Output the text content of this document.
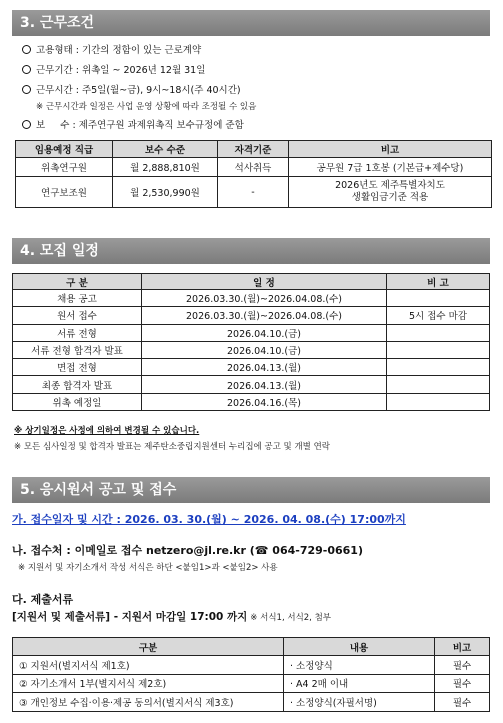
3. 근무조건
고용형태 : 기간의 정함이 있는 근로계약
근무기간 : 위촉일 ~ 2026년 12월 31일
근무시간 : 주5일(월~금), 9시~18시(주 40시간)
※ 근무시간과 일정은 사업 운영 상황에 따라 조정될 수 있음
보     수 : 제주연구원 과제위촉직 보수규정에 준함
임용예정 직급	보수 수준	자격기준	비고
위촉연구원	월 2,888,810원	석사취득	공무원 7급 1호봉 (기본급+제수당)
연구보조원	월 2,530,990원	-	2026년도 제주특별자치도
생활임금기준 적용
4. 모집 일정
구 분	일 정	비 고
채용 공고	2026.03.30.(월)~2026.04.08.(수)	
원서 접수	2026.03.30.(월)~2026.04.08.(수)	5시 접수 마감
서류 전형	2026.04.10.(금)	
서류 전형 합격자 발표	2026.04.10.(금)	
면접 전형	2026.04.13.(월)	
최종 합격자 발표	2026.04.13.(월)	
위촉 예정일	2026.04.16.(목)	
※ 상기일정은 사정에 의하여 변경될 수 있습니다.
※ 모든 심사일정 및 합격자 발표는 제주탄소중립지원센터 누리집에 공고 및 개별 연락
5. 응시원서 공고 및 접수
가. 접수일자 및 시간 : 2026. 03. 30.(월) ~ 2026. 04. 08.(수) 17:00까지
나. 접수처 : 이메일로 접수 netzero@jl.re.kr (☎ 064-729-0661)
※ 지원서 및 자기소개서 작성 서식은 하단 <붙임1>과 <붙임2> 사용
다. 제출서류
[지원서 및 제출서류] - 지원서 마감일 17:00 까지 ※ 서식1, 서식2, 첨부
구분	내용	비고
① 지원서(별지서식 제1호)	· 소정양식	필수
② 자기소개서 1부(별지서식 제2호)	· A4 2매 이내	필수
③ 개인정보 수집·이용·제공 동의서(별지서식 제3호)	· 소정양식(자필서명)	필수
